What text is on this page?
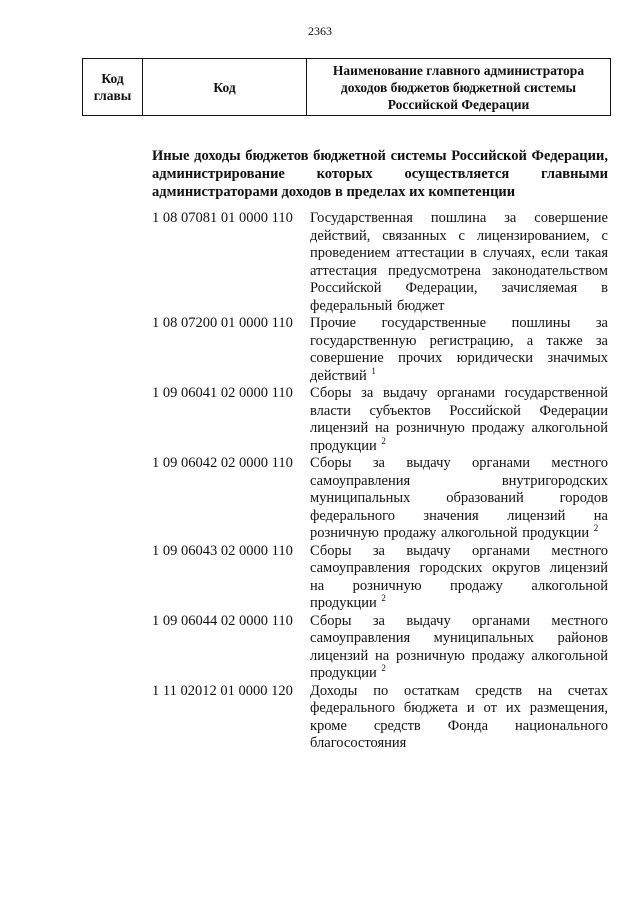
2363
Код главы	Код	Наименование главного администратора доходов бюджетов бюджетной системы Российской Федерации
Иные доходы бюджетов бюджетной системы Российской Федерации, администрирование которых осуществляется главными администраторами доходов в пределах их компетенции
1 08 07081 01 0000 110	Государственная пошлина за совершение действий, связанных с лицензированием, с проведением аттестации в случаях, если такая аттестация предусмотрена законодательством Российской Федерации, зачисляемая в федеральный бюджет
1 08 07200 01 0000 110	Прочие государственные пошлины за государственную регистрацию, а также за совершение прочих юридически значимых действий $^1$
1 09 06041 02 0000 110	Сборы за выдачу органами государственной власти субъектов Российской Федерации лицензий на розничную продажу алкогольной продукции $^2$
1 09 06042 02 0000 110	Сборы за выдачу органами местного самоуправления внутригородских муниципальных образований городов федерального значения лицензий на розничную продажу алкогольной продукции $^2$
1 09 06043 02 0000 110	Сборы за выдачу органами местного самоуправления городских округов лицензий на розничную продажу алкогольной продукции $^2$
1 09 06044 02 0000 110	Сборы за выдачу органами местного самоуправления муниципальных районов лицензий на розничную продажу алкогольной продукции $^2$
1 11 02012 01 0000 120	Доходы по остаткам средств на счетах федерального бюджета и от их размещения, кроме средств Фонда национального благосостояния
